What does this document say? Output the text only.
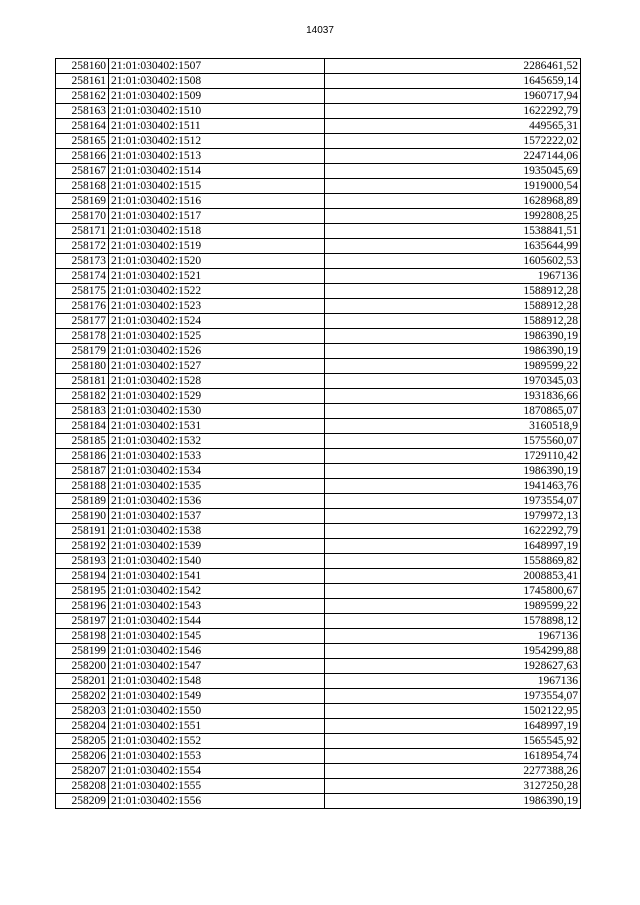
14037
258160	21:01:030402:1507	2286461,52
258161	21:01:030402:1508	1645659,14
258162	21:01:030402:1509	1960717,94
258163	21:01:030402:1510	1622292,79
258164	21:01:030402:1511	449565,31
258165	21:01:030402:1512	1572222,02
258166	21:01:030402:1513	2247144,06
258167	21:01:030402:1514	1935045,69
258168	21:01:030402:1515	1919000,54
258169	21:01:030402:1516	1628968,89
258170	21:01:030402:1517	1992808,25
258171	21:01:030402:1518	1538841,51
258172	21:01:030402:1519	1635644,99
258173	21:01:030402:1520	1605602,53
258174	21:01:030402:1521	1967136
258175	21:01:030402:1522	1588912,28
258176	21:01:030402:1523	1588912,28
258177	21:01:030402:1524	1588912,28
258178	21:01:030402:1525	1986390,19
258179	21:01:030402:1526	1986390,19
258180	21:01:030402:1527	1989599,22
258181	21:01:030402:1528	1970345,03
258182	21:01:030402:1529	1931836,66
258183	21:01:030402:1530	1870865,07
258184	21:01:030402:1531	3160518,9
258185	21:01:030402:1532	1575560,07
258186	21:01:030402:1533	1729110,42
258187	21:01:030402:1534	1986390,19
258188	21:01:030402:1535	1941463,76
258189	21:01:030402:1536	1973554,07
258190	21:01:030402:1537	1979972,13
258191	21:01:030402:1538	1622292,79
258192	21:01:030402:1539	1648997,19
258193	21:01:030402:1540	1558869,82
258194	21:01:030402:1541	2008853,41
258195	21:01:030402:1542	1745800,67
258196	21:01:030402:1543	1989599,22
258197	21:01:030402:1544	1578898,12
258198	21:01:030402:1545	1967136
258199	21:01:030402:1546	1954299,88
258200	21:01:030402:1547	1928627,63
258201	21:01:030402:1548	1967136
258202	21:01:030402:1549	1973554,07
258203	21:01:030402:1550	1502122,95
258204	21:01:030402:1551	1648997,19
258205	21:01:030402:1552	1565545,92
258206	21:01:030402:1553	1618954,74
258207	21:01:030402:1554	2277388,26
258208	21:01:030402:1555	3127250,28
258209	21:01:030402:1556	1986390,19
